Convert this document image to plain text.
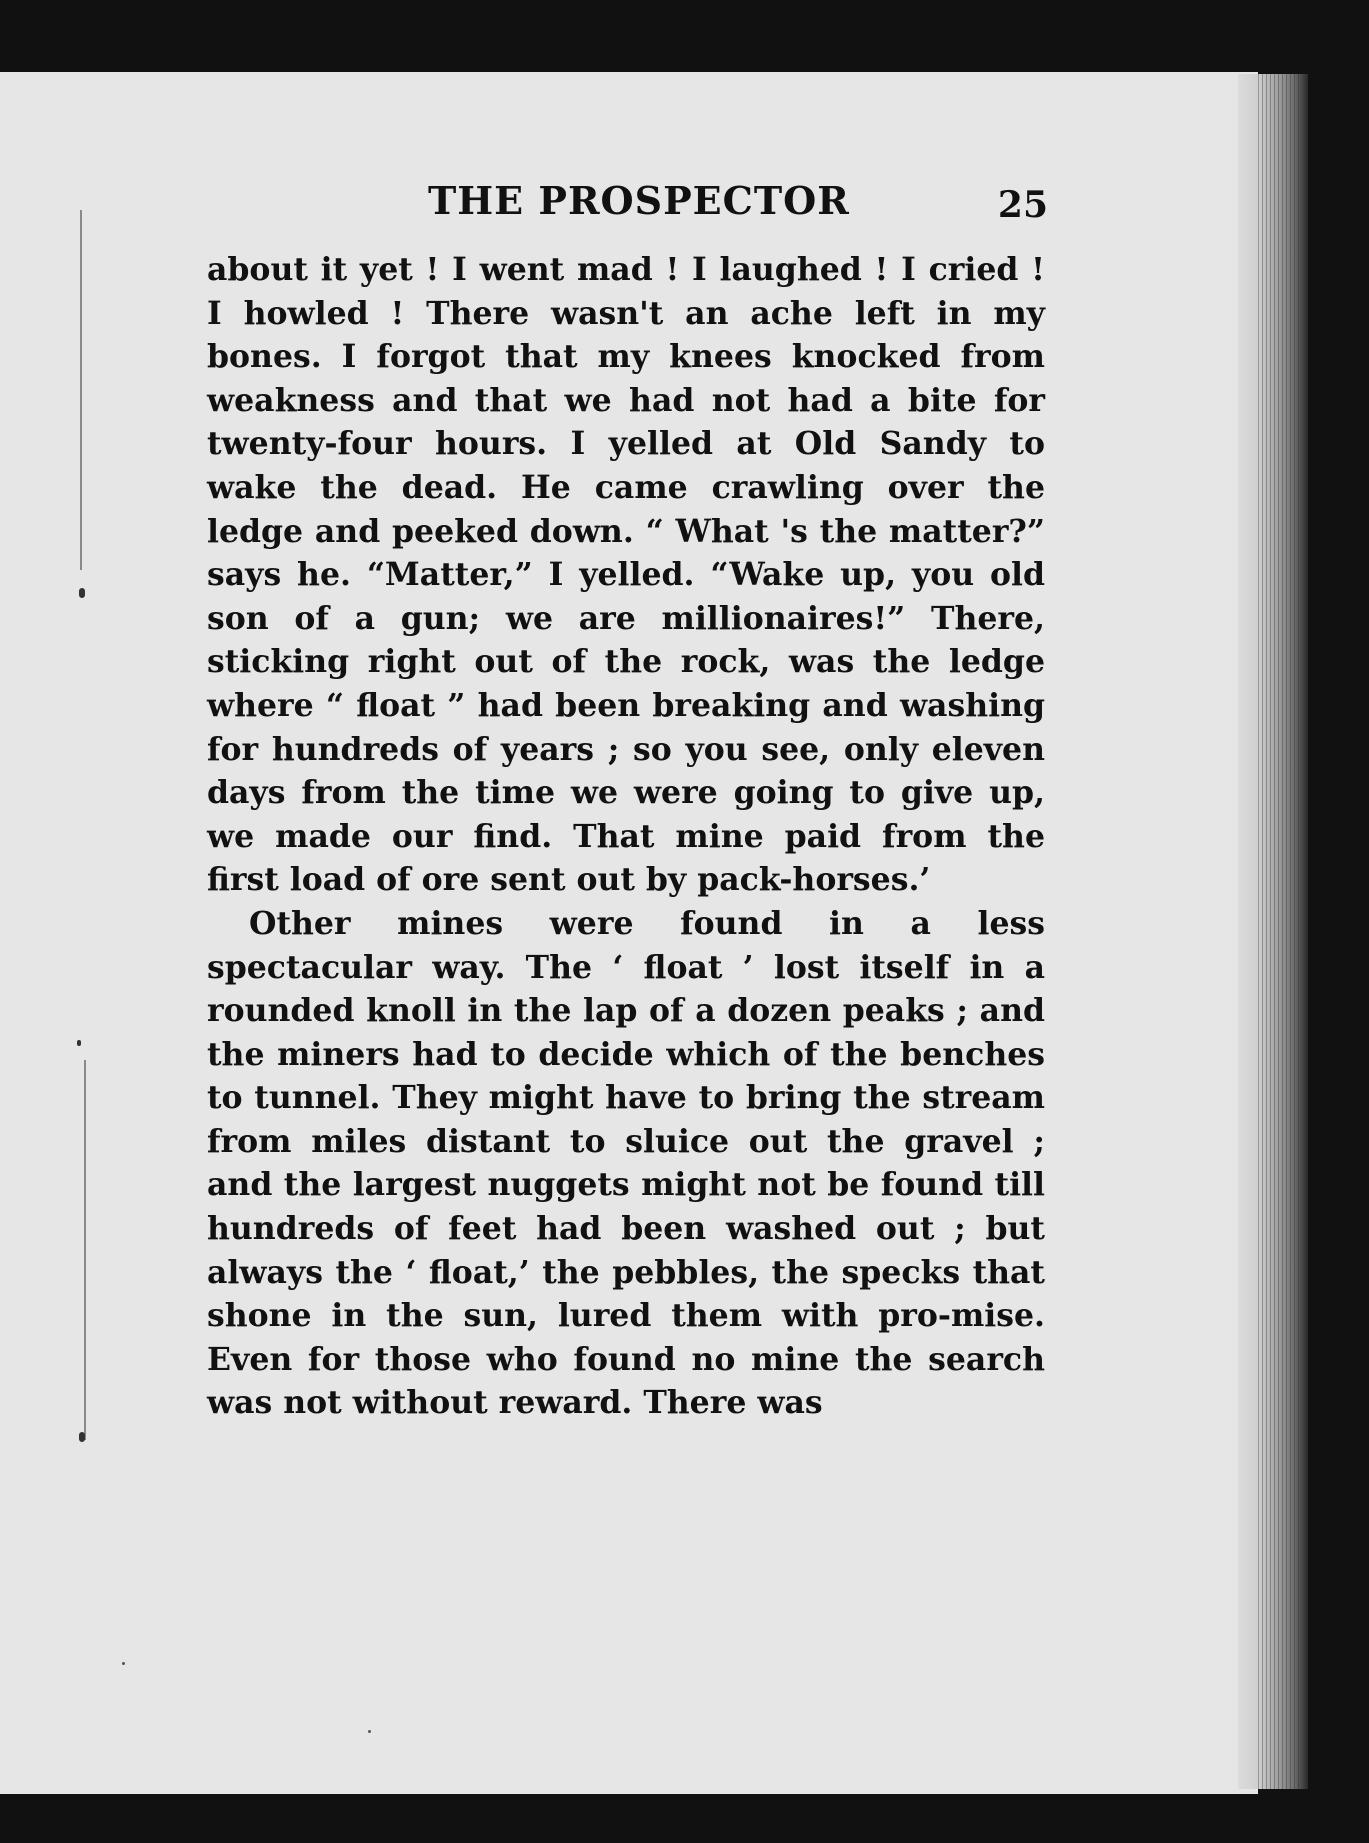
THE PROSPECTOR	25

about it yet ! I went mad ! I laughed ! I cried ! I howled ! There wasn't an ache left in my bones. I forgot that my knees knocked from weakness and that we had not had a bite for twenty-four hours. I yelled at Old Sandy to wake the dead. He came crawling over the ledge and peeked down. “ What 's the matter?” says he. “Matter,” I yelled. “Wake up, you old son of a gun; we are millionaires!” There, sticking right out of the rock, was the ledge where “ float ” had been breaking and washing for hundreds of years ; so you see, only eleven days from the time we were going to give up, we made our find. That mine paid from the first load of ore sent out by pack-horses.’

Other mines were found in a less spectacular way. The ‘ float ’ lost itself in a rounded knoll in the lap of a dozen peaks ; and the miners had to decide which of the benches to tunnel. They might have to bring the stream from miles distant to sluice out the gravel ; and the largest nuggets might not be found till hundreds of feet had been washed out ; but always the ‘ float,’ the pebbles, the specks that shone in the sun, lured them with pro-mise. Even for those who found no mine the search was not without reward. There was
